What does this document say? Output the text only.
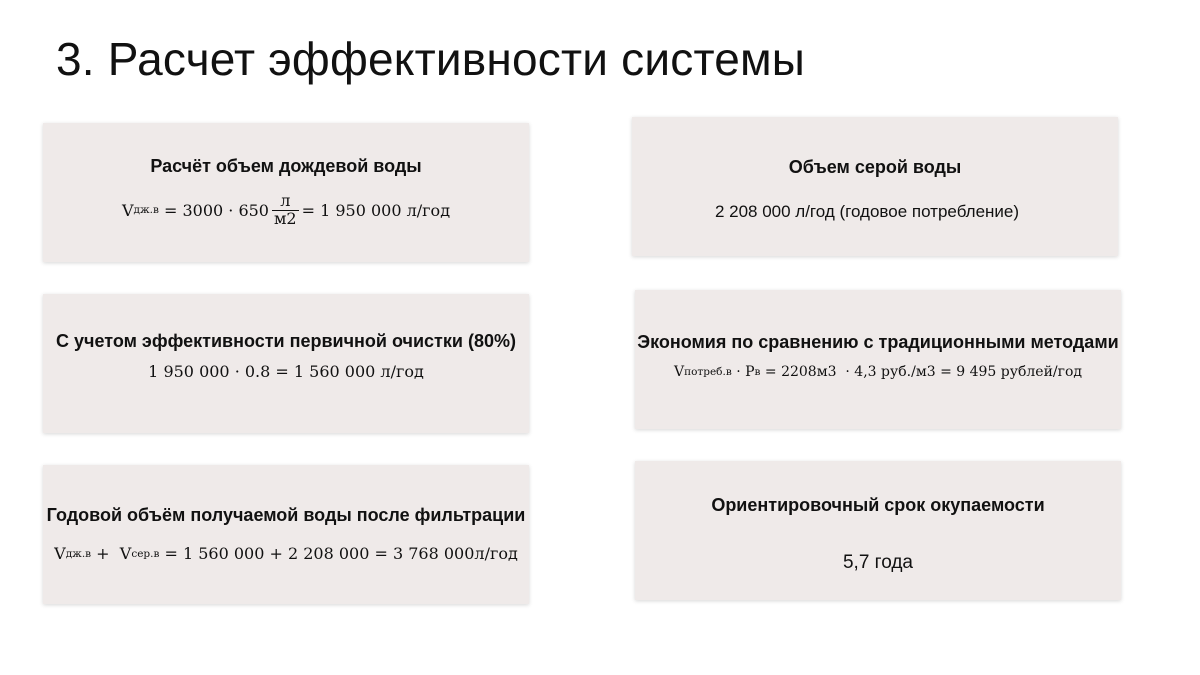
3. Расчет эффективности системы
Расчёт объем дождевой воды
V $дж.в = 3000 \cdot 650 \frac{л}{м2} = 1$ 950 000 л/год
С учетом эффективности первичной очистки (80%)
1 950 000 · 0.8 = 1 560 000 л/год
Годовой объём получаемой воды после фильтрации
V дж.в + V сер.в = 1 560 000 + 2 208 000 = 3 768 000л/год
Объем серой воды
2 208 000 л/год (годовое потребление)
Экономия по сравнению с традиционными методами
V потреб.в · P в = 2208м3  · 4,3 руб./м3 = 9 495 рублей/год
Ориентировочный срок окупаемости
5,7 года
